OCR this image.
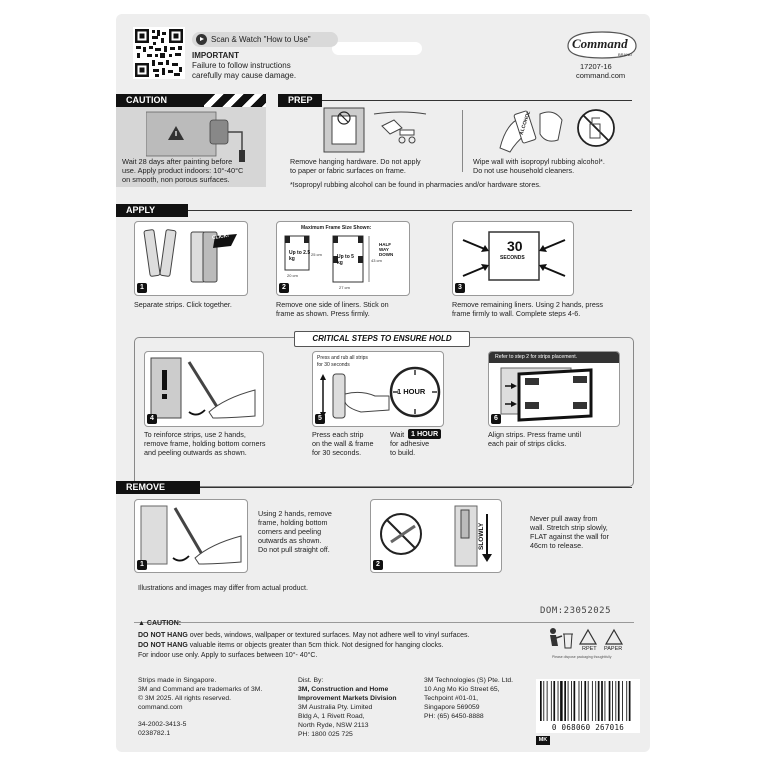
Scan & Watch "How to Use"
IMPORTANT
Failure to follow instructions
carefully may cause damage.
Command
BRAND
17207-16
command.com
CAUTION
Wait 28 days after painting before
use. Apply product indoors: 10°-40°C
on smooth, non porous surfaces.
PREP
Remove hanging hardware. Do not apply
to paper or fabric surfaces on frame.
ALCOHOL
Wipe wall with isopropyl rubbing alcohol*.
Do not use household cleaners.
*Isopropyl rubbing alcohol can be found in pharmacies and/or hardware stores.
APPLY
CLICK!
1
Separate strips. Click together.
Maximum Frame Size Shown:
Up to 2.5 kg	Up to 5 kg
20 cm
25 cm
27 cm
43 cm
HALF WAY DOWN
2
Remove one side of liners. Stick on
frame as shown. Press firmly.
30
SECONDS
3
Remove remaining liners. Using 2 hands, press
frame firmly to wall. Complete steps 4-6.
CRITICAL STEPS TO ENSURE HOLD
4
To reinforce strips, use 2 hands,
remove frame, holding bottom corners
and peeling outwards as shown.
Press and rub all strips
for 30 seconds
1 HOUR
5
Press each strip
on the wall & frame
for 30 seconds.
Wait 1 HOUR
for adhesive
to build.
Refer to step 2 for strips placement.
6
Align strips. Press frame until
each pair of strips clicks.
REMOVE
1
Using 2 hands, remove
frame, holding bottom
corners and peeling
outwards as shown.
Do not pull straight off.	SLOWLY
2
Never pull away from
wall. Stretch strip slowly,
FLAT against the wall for
46cm to release.
Illustrations and images may differ from actual product.
DOM:23052025
▲ CAUTION:
DO NOT HANG over beds, windows, wallpaper or textured surfaces. May not adhere well to vinyl surfaces.
DO NOT HANG valuable items or objects greater than 5cm thick. Not designed for hanging clocks.
For indoor use only. Apply to surfaces between 10°- 40°C.
RPET PAPER
Please dispose packaging thoughtfully
Strips made in Singapore.
3M and Command are trademarks of 3M.
© 3M 2025. All rights reserved.
command.com
34-2002-3413-5
0238782.1
Dist. By:
3M, Construction and Home
Improvement Markets Division
3M Australia Pty. Limited
Bldg A, 1 Rivett Road,
North Ryde, NSW 2113
PH: 1800 025 725
3M Technologies (S) Pte. Ltd.
10 Ang Mo Kio Street 65,
Techpoint #01-01,
Singapore 569059
PH: (65) 6450-8888
0 068060 267016
MK
